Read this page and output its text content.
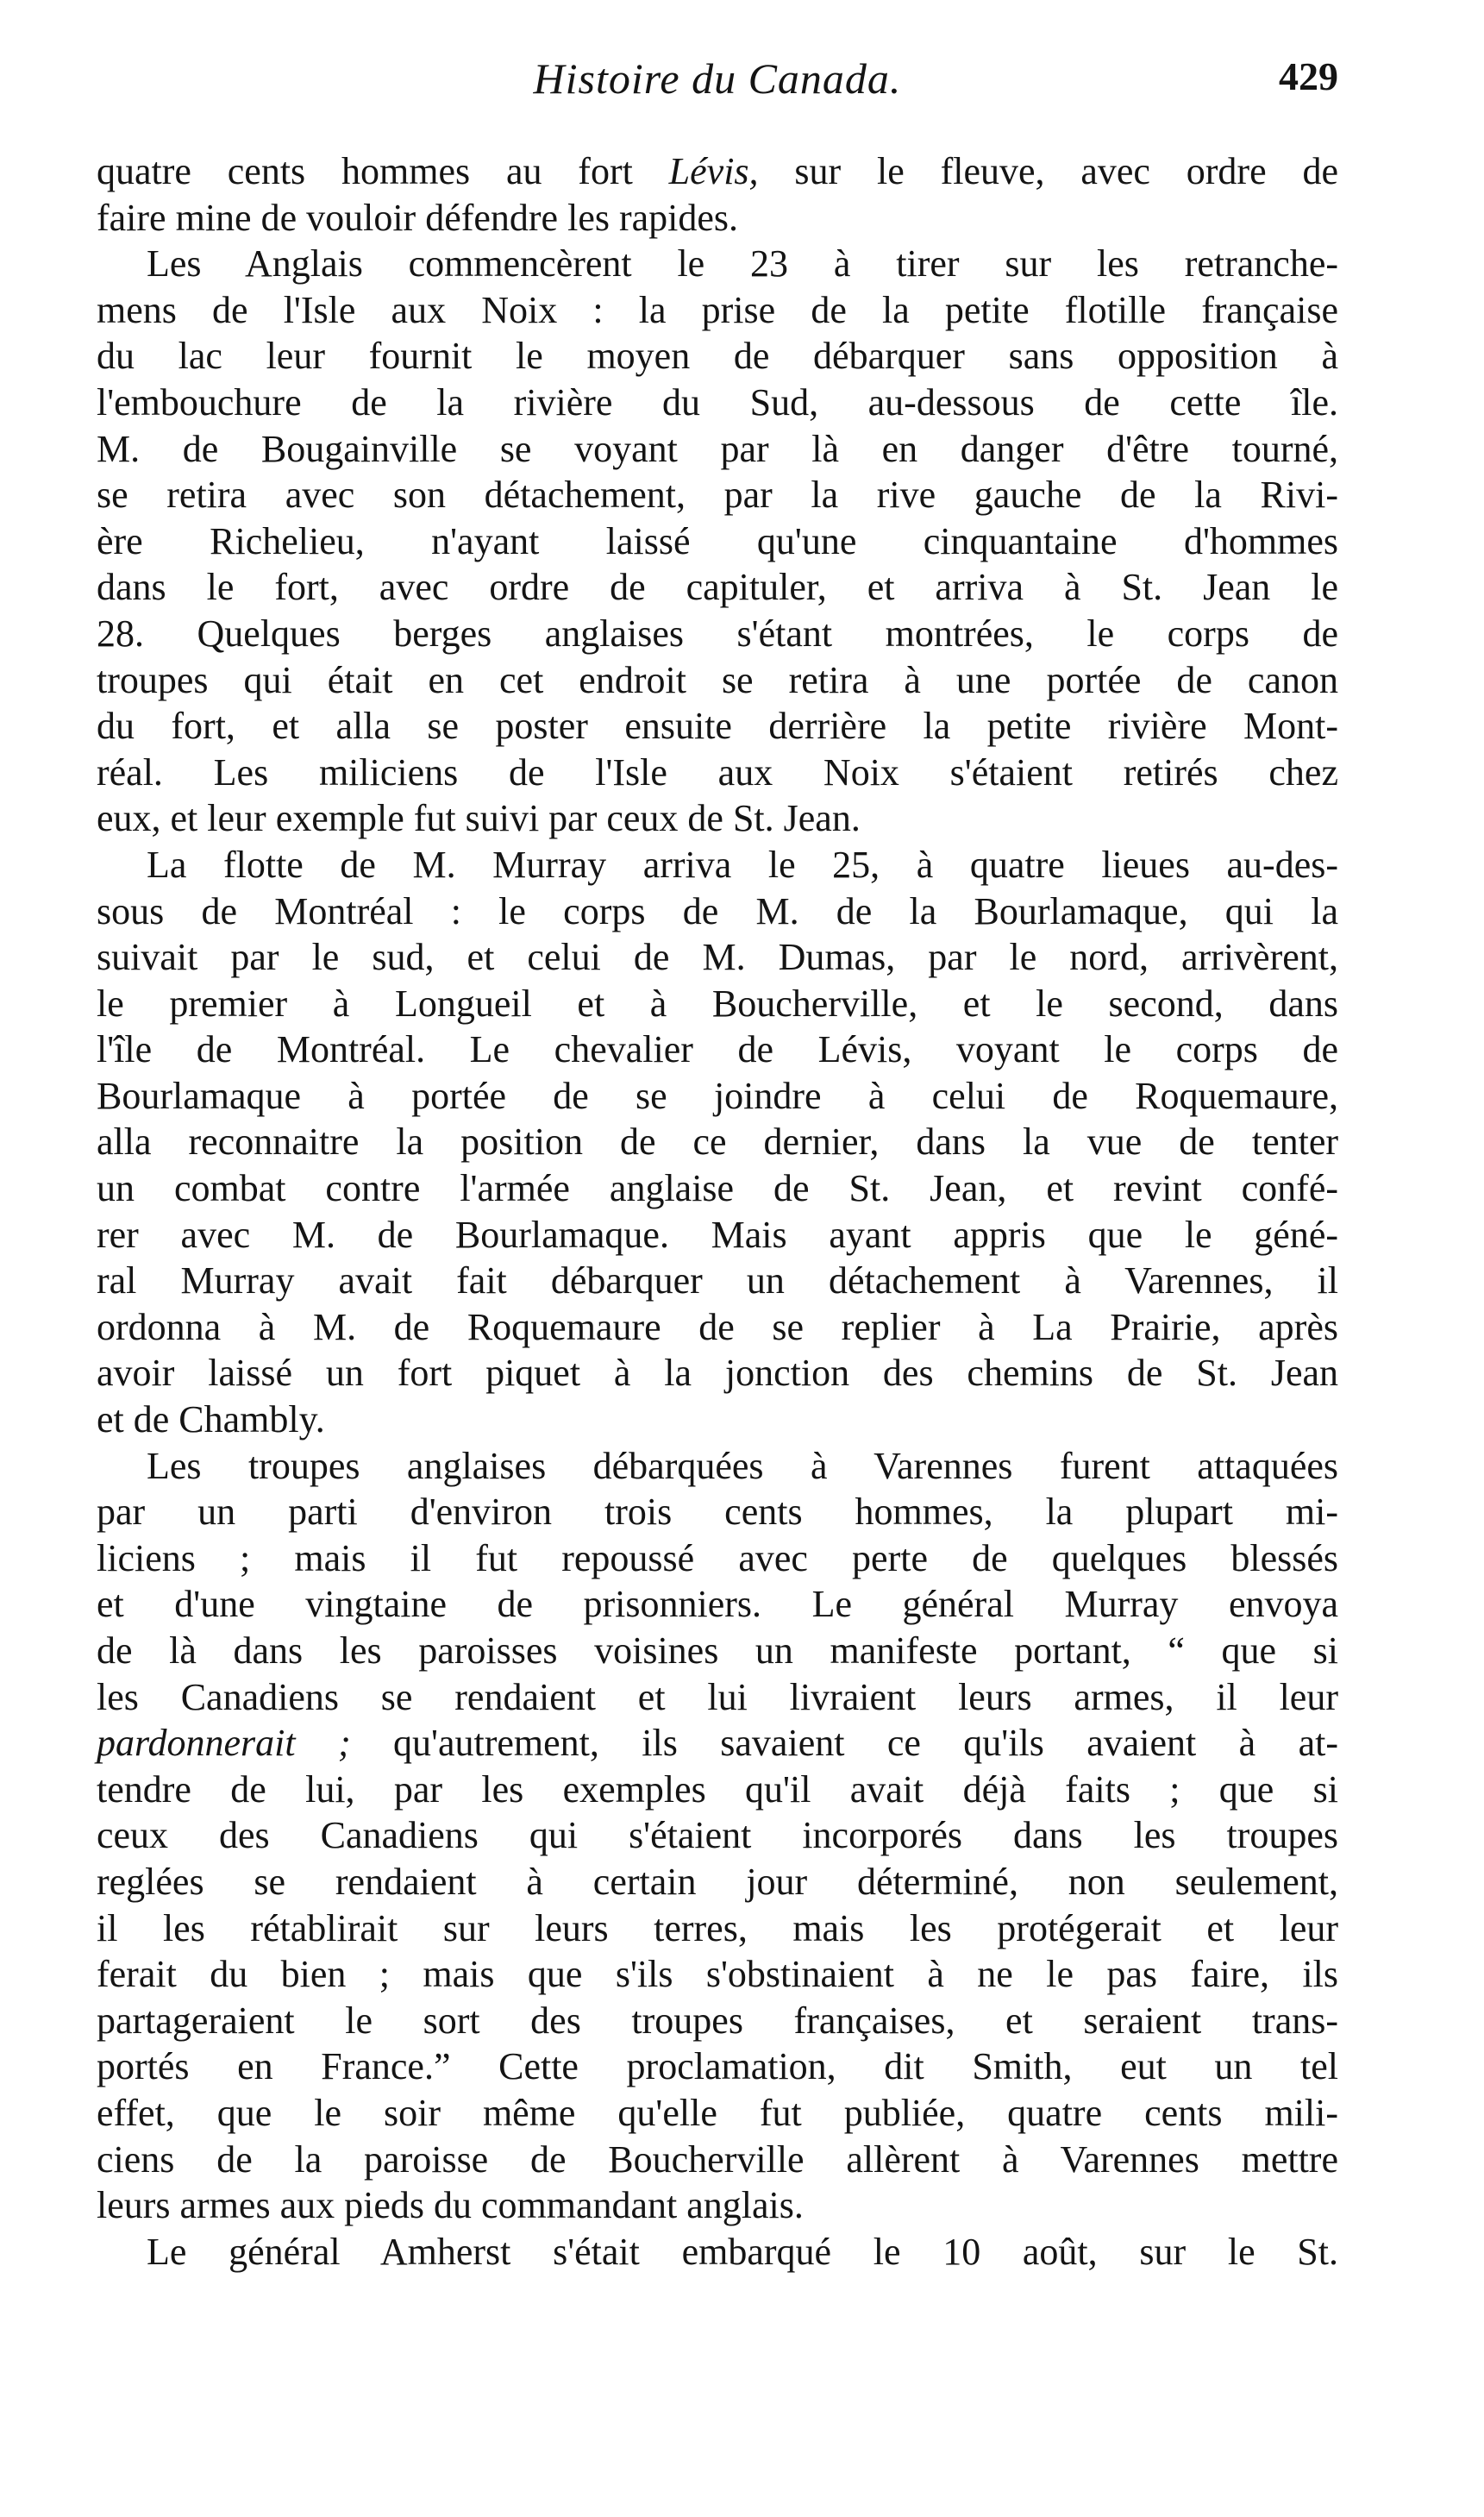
Histoire du Canada.	429
quatre cents hommes au fort Lévis, sur le fleuve, avec ordre de
faire mine de vouloir défendre les rapides.
Les Anglais commencèrent le 23 à tirer sur les retranche-
mens de l'Isle aux Noix : la prise de la petite flotille française
du lac leur fournit le moyen de débarquer sans opposition à
l'embouchure de la rivière du Sud, au-dessous de cette île.
M. de Bougainville se voyant par là en danger d'être tourné,
se retira avec son détachement, par la rive gauche de la Rivi-
ère Richelieu, n'ayant laissé qu'une cinquantaine d'hommes
dans le fort, avec ordre de capituler, et arriva à St. Jean le
28. Quelques berges anglaises s'étant montrées, le corps de
troupes qui était en cet endroit se retira à une portée de canon
du fort, et alla se poster ensuite derrière la petite rivière Mont-
réal. Les miliciens de l'Isle aux Noix s'étaient retirés chez
eux, et leur exemple fut suivi par ceux de St. Jean.
La flotte de M. Murray arriva le 25, à quatre lieues au-des-
sous de Montréal : le corps de M. de la Bourlamaque, qui la
suivait par le sud, et celui de M. Dumas, par le nord, arrivèrent,
le premier à Longueil et à Boucherville, et le second, dans
l'île de Montréal. Le chevalier de Lévis, voyant le corps de
Bourlamaque à portée de se joindre à celui de Roquemaure,
alla reconnaitre la position de ce dernier, dans la vue de tenter
un combat contre l'armée anglaise de St. Jean, et revint confé-
rer avec M. de Bourlamaque. Mais ayant appris que le géné-
ral Murray avait fait débarquer un détachement à Varennes, il
ordonna à M. de Roquemaure de se replier à La Prairie, après
avoir laissé un fort piquet à la jonction des chemins de St. Jean
et de Chambly.
Les troupes anglaises débarquées à Varennes furent attaquées
par un parti d'environ trois cents hommes, la plupart mi-
liciens ; mais il fut repoussé avec perte de quelques blessés
et d'une vingtaine de prisonniers. Le général Murray envoya
de là dans les paroisses voisines un manifeste portant, “ que si
les Canadiens se rendaient et lui livraient leurs armes, il leur
pardonnerait ; qu'autrement, ils savaient ce qu'ils avaient à at-
tendre de lui, par les exemples qu'il avait déjà faits ; que si
ceux des Canadiens qui s'étaient incorporés dans les troupes
reglées se rendaient à certain jour déterminé, non seulement,
il les rétablirait sur leurs terres, mais les protégerait et leur
ferait du bien ; mais que s'ils s'obstinaient à ne le pas faire, ils
partageraient le sort des troupes françaises, et seraient trans-
portés en France.” Cette proclamation, dit Smith, eut un tel
effet, que le soir même qu'elle fut publiée, quatre cents mili-
ciens de la paroisse de Boucherville allèrent à Varennes mettre
leurs armes aux pieds du commandant anglais.
Le général Amherst s'était embarqué le 10 août, sur le St.
